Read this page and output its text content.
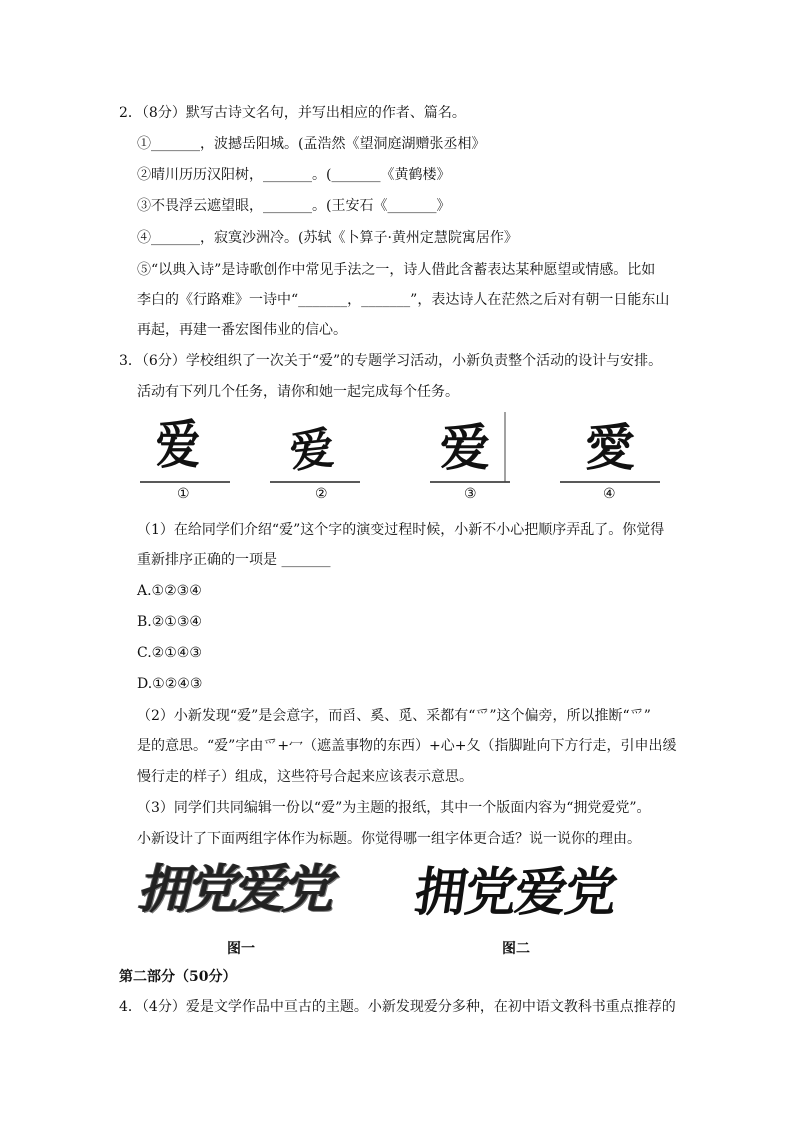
2．（8分）默写古诗文名句，并写出相应的作者、篇名。
①_______，波撼岳阳城。(孟浩然《望洞庭湖赠张丞相》
②晴川历历汉阳树，_______。(_______《黄鹤楼》
③不畏浮云遮望眼，_______。(王安石《_______》
④_______，寂寞沙洲冷。(苏轼《卜算子·黄州定慧院寓居作》
⑤“以典入诗”是诗歌创作中常见手法之一，诗人借此含蓄表达某种愿望或情感。比如
李白的《行路难》一诗中“_______，_______”，表达诗人在茫然之后对有朝一日能东山
再起，再建一番宏图伟业的信心。
3．（6分）学校组织了一次关于“爱”的专题学习活动，小新负责整个活动的设计与安排。
活动有下列几个任务，请你和她一起完成每个任务。
爱 爱 爱 愛
①	②	③	④
（1）在给同学们介绍“爱”这个字的演变过程时候，小新不小心把顺序弄乱了。你觉得
重新排序正确的一项是 _______
A.①②③④
B.②①③④
C.②①④③
D.①②④③
（2）小新发现“爱”是会意字，而舀、奚、觅、采都有“爫”这个偏旁，所以推断“爫”
是的意思。“爱”字由爫+冖（遮盖事物的东西）+心+夂（指脚趾向下方行走，引申出缓
慢行走的样子）组成，这些符号合起来应该表示意思。
（3）同学们共同编辑一份以“爱”为主题的报纸，其中一个版面内容为“拥党爱党”。
小新设计了下面两组字体作为标题。你觉得哪一组字体更合适？说一说你的理由。
拥党爱党	拥党爱党
图一	图二
第二部分（50分）
4．（4分）爱是文学作品中亘古的主题。小新发现爱分多种，在初中语文教科书重点推荐的
